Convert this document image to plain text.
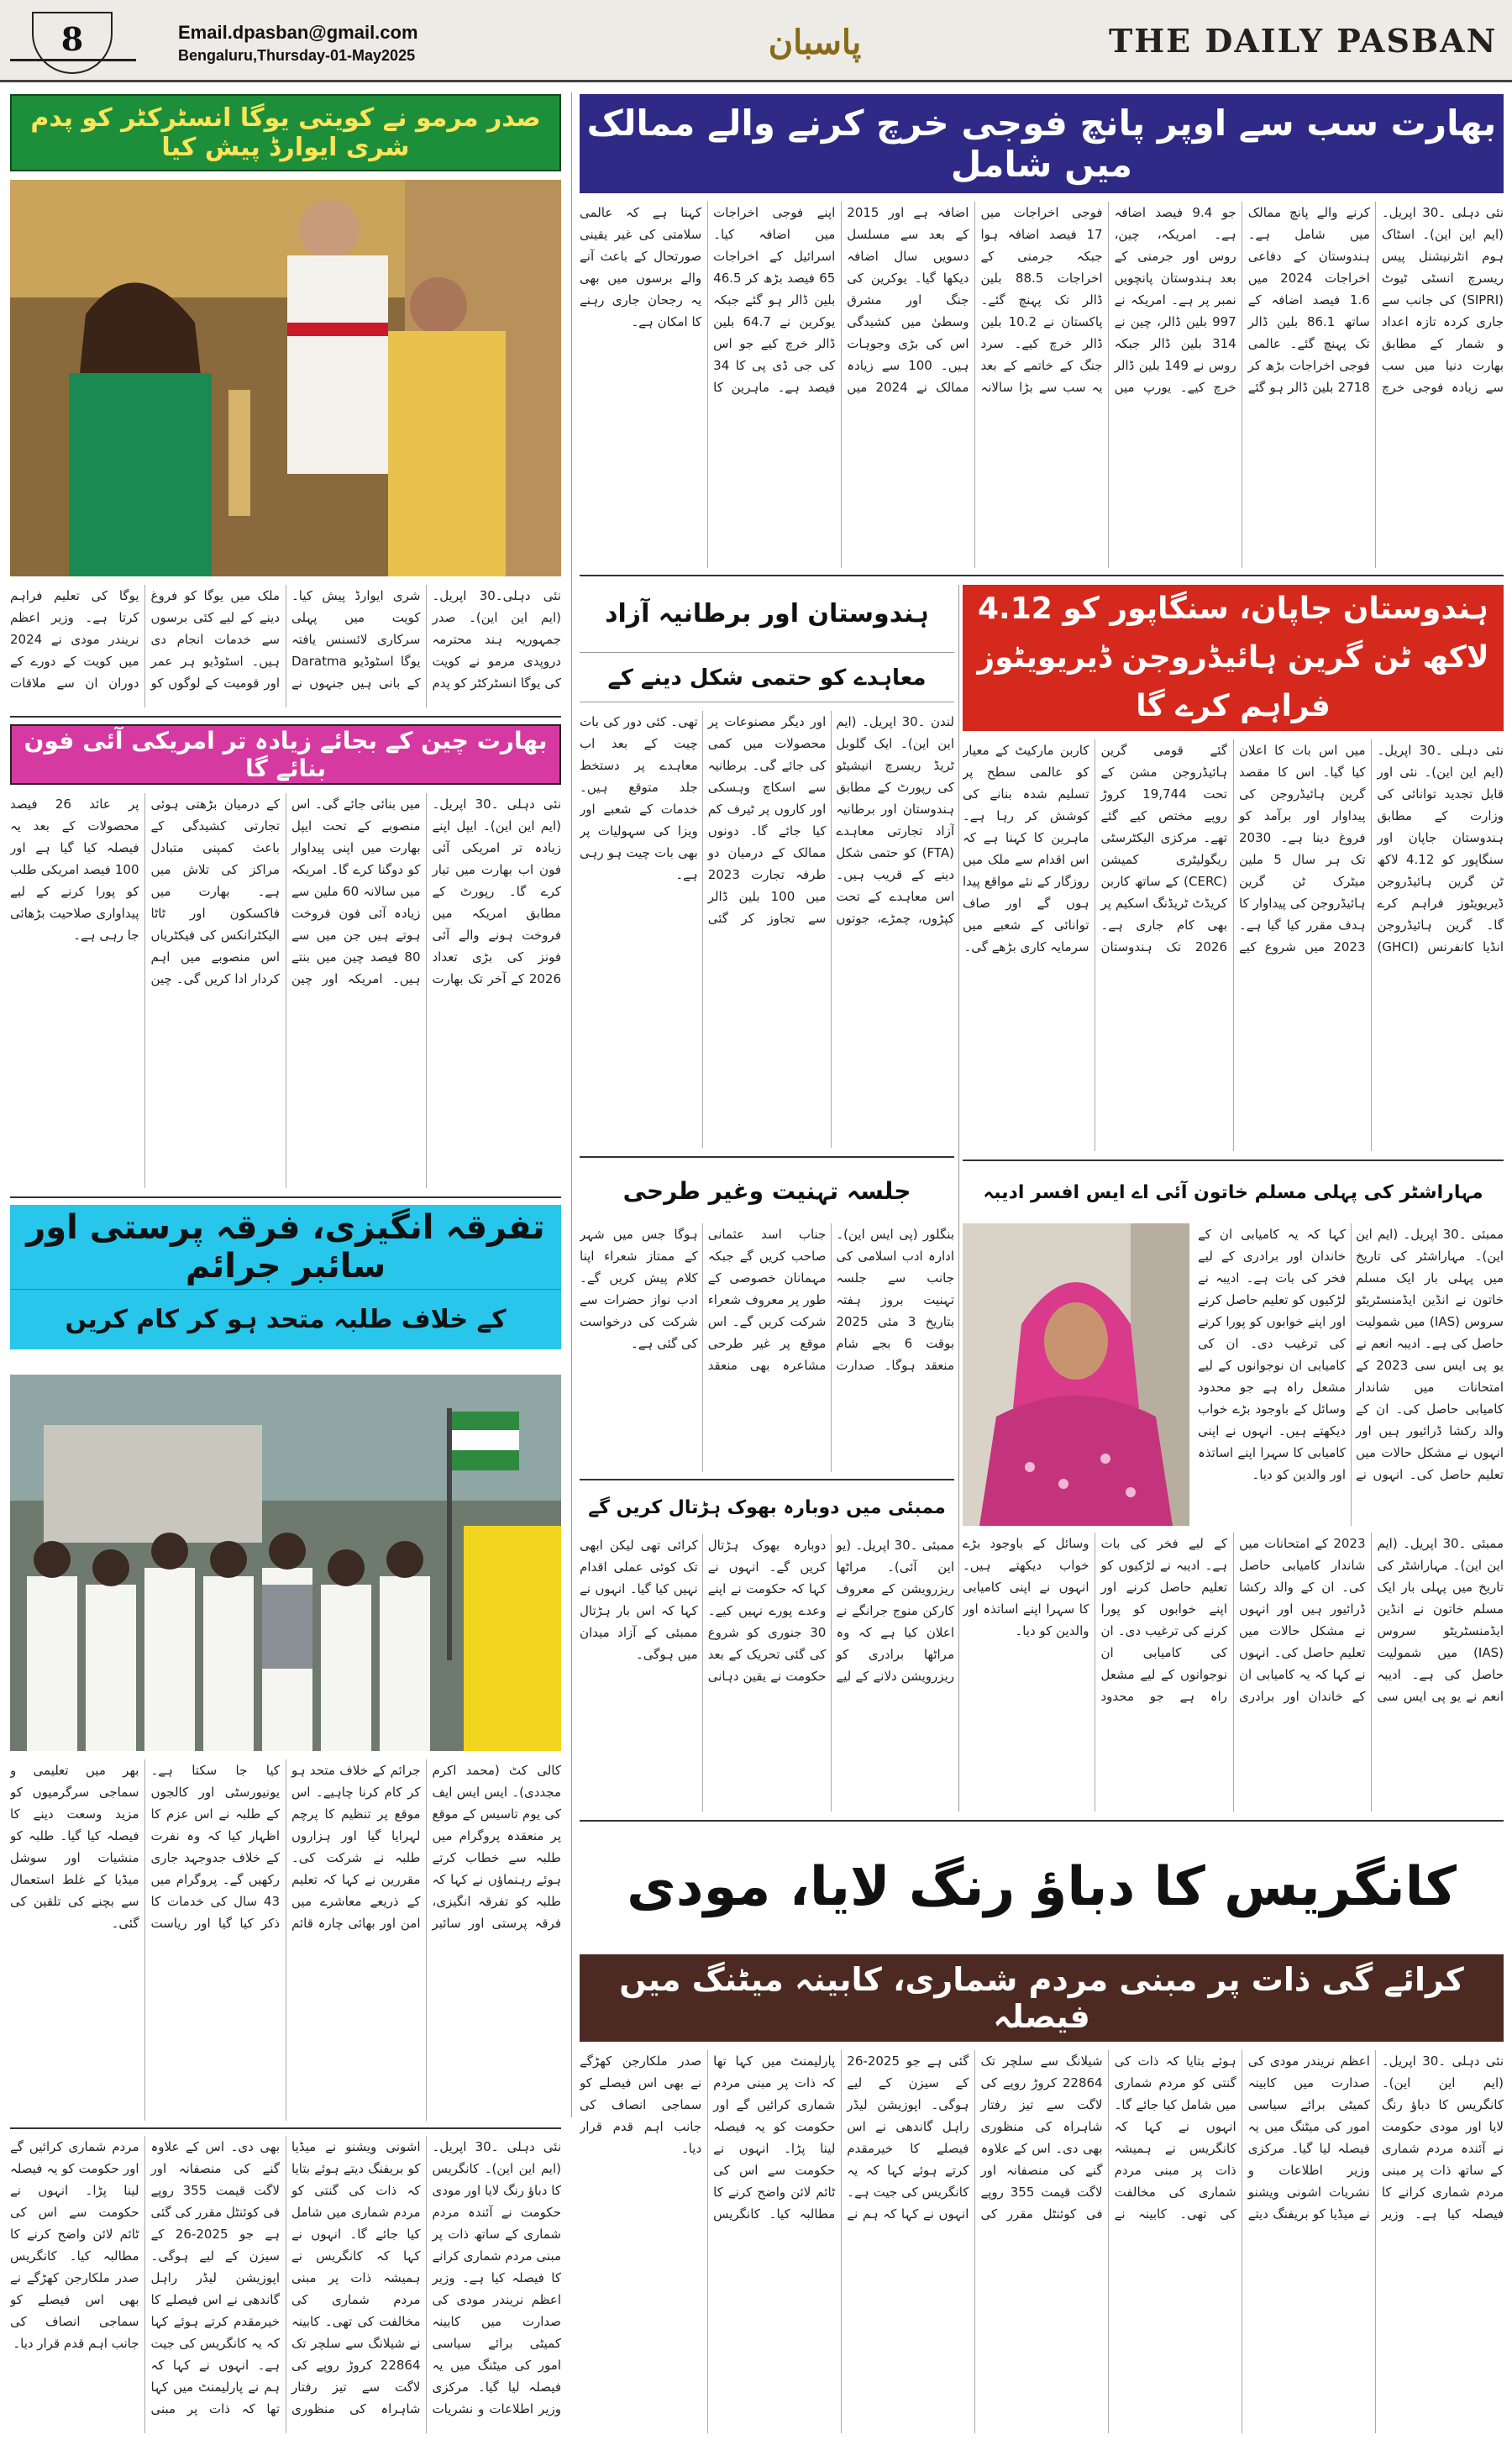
8	Email.dpasban@gmail.com
Bengaluru,Thursday-01-May2025	پاسبان	THE DAILY PASBAN
صدر مرمو نے کویتی یوگا انسٹرکٹر کو پدم شری ایوارڈ پیش کیا
نئی دہلی۔30 اپریل۔ (ایم این این)۔ صدر جمہوریہ ہند محترمہ دروپدی مرمو نے کویت کی یوگا انسٹرکٹر کو پدم شری ایوارڈ پیش کیا۔ کویت میں پہلی سرکاری لائسنس یافتہ یوگا اسٹوڈیو Daratma کے بانی ہیں جنہوں نے ملک میں یوگا کو فروغ دینے کے لیے کئی برسوں سے خدمات انجام دی ہیں۔ اسٹوڈیو ہر عمر اور قومیت کے لوگوں کو یوگا کی تعلیم فراہم کرتا ہے۔ وزیر اعظم نریندر مودی نے 2024 میں کویت کے دورے کے دوران ان سے ملاقات
بھارت چین کے بجائے زیادہ تر امریکی آئی فون بنائے گا
نئی دہلی ۔30 اپریل۔ (ایم این این)۔ ایپل اپنے زیادہ تر امریکی آئی فون اب بھارت میں تیار کرے گا۔ رپورٹ کے مطابق امریکہ میں فروخت ہونے والے آئی فونز کی بڑی تعداد 2026 کے آخر تک بھارت میں بنائی جائے گی۔ اس منصوبے کے تحت ایپل بھارت میں اپنی پیداوار کو دوگنا کرے گا۔ امریکہ میں سالانہ 60 ملین سے زیادہ آئی فون فروخت ہوتے ہیں جن میں سے 80 فیصد چین میں بنتے ہیں۔ امریکہ اور چین کے درمیان بڑھتی ہوئی تجارتی کشیدگی کے باعث کمپنی متبادل مراکز کی تلاش میں ہے۔ بھارت میں فاکسکون اور ٹاٹا الیکٹرانکس کی فیکٹریاں اس منصوبے میں اہم کردار ادا کریں گی۔ چین پر عائد 26 فیصد محصولات کے بعد یہ فیصلہ کیا گیا ہے اور 100 فیصد امریکی طلب کو پورا کرنے کے لیے پیداواری صلاحیت بڑھائی جا رہی ہے۔
تفرقہ انگیزی، فرقہ پرستی اور سائبر جرائم
کے خلاف طلبہ متحد ہو کر کام کریں
کالی کٹ (محمد اکرم مجددی)۔ ایس ایس ایف کی یوم تاسیس کے موقع پر منعقدہ پروگرام میں طلبہ سے خطاب کرتے ہوئے رہنماؤں نے کہا کہ طلبہ کو تفرقہ انگیزی، فرقہ پرستی اور سائبر جرائم کے خلاف متحد ہو کر کام کرنا چاہیے۔ اس موقع پر تنظیم کا پرچم لہرایا گیا اور ہزاروں طلبہ نے شرکت کی۔ مقررین نے کہا کہ تعلیم کے ذریعے معاشرے میں امن اور بھائی چارہ قائم کیا جا سکتا ہے۔ یونیورسٹی اور کالجوں کے طلبہ نے اس عزم کا اظہار کیا کہ وہ نفرت کے خلاف جدوجہد جاری رکھیں گے۔ پروگرام میں 43 سال کی خدمات کا ذکر کیا گیا اور ریاست بھر میں تعلیمی و سماجی سرگرمیوں کو مزید وسعت دینے کا فیصلہ کیا گیا۔ طلبہ کو منشیات اور سوشل میڈیا کے غلط استعمال سے بچنے کی تلقین کی گئی۔
نئی دہلی ۔30 اپریل۔ (ایم این این)۔ کانگریس کا دباؤ رنگ لایا اور مودی حکومت نے آئندہ مردم شماری کے ساتھ ذات پر مبنی مردم شماری کرانے کا فیصلہ کیا ہے۔ وزیر اعظم نریندر مودی کی صدارت میں کابینہ کمیٹی برائے سیاسی امور کی میٹنگ میں یہ فیصلہ لیا گیا۔ مرکزی وزیر اطلاعات و نشریات اشونی ویشنو نے میڈیا کو بریفنگ دیتے ہوئے بتایا کہ ذات کی گنتی کو مردم شماری میں شامل کیا جائے گا۔ انہوں نے کہا کہ کانگریس نے ہمیشہ ذات پر مبنی مردم شماری کی مخالفت کی تھی۔ کابینہ نے شیلانگ سے سلچر تک 22864 کروڑ روپے کی لاگت سے تیز رفتار شاہراہ کی منظوری بھی دی۔ اس کے علاوہ گنے کی منصفانہ اور لاگت قیمت 355 روپے فی کوئنٹل مقرر کی گئی ہے جو 2025-26 کے سیزن کے لیے ہوگی۔ اپوزیشن لیڈر راہل گاندھی نے اس فیصلے کا خیرمقدم کرتے ہوئے کہا کہ یہ کانگریس کی جیت ہے۔ انہوں نے کہا کہ ہم نے پارلیمنٹ میں کہا تھا کہ ذات پر مبنی مردم شماری کرائیں گے اور حکومت کو یہ فیصلہ لینا پڑا۔ انہوں نے حکومت سے اس کی ٹائم لائن واضح کرنے کا مطالبہ کیا۔ کانگریس صدر ملکارجن کھڑگے نے بھی اس فیصلے کو سماجی انصاف کی جانب اہم قدم قرار دیا۔
بھارت سب سے اوپر پانچ فوجی خرچ کرنے والے ممالک میں شامل
نئی دہلی ۔30 اپریل۔ (ایم این این)۔ اسٹاک ہوم انٹرنیشنل پیس ریسرچ انسٹی ٹیوٹ (SIPRI) کی جانب سے جاری کردہ تازہ اعداد و شمار کے مطابق بھارت دنیا میں سب سے زیادہ فوجی خرچ کرنے والے پانچ ممالک میں شامل ہے۔ ہندوستان کے دفاعی اخراجات 2024 میں 1.6 فیصد اضافہ کے ساتھ 86.1 بلین ڈالر تک پہنچ گئے۔ عالمی فوجی اخراجات بڑھ کر 2718 بلین ڈالر ہو گئے جو 9.4 فیصد اضافہ ہے۔ امریکہ، چین، روس اور جرمنی کے بعد ہندوستان پانچویں نمبر پر ہے۔ امریکہ نے 997 بلین ڈالر، چین نے 314 بلین ڈالر جبکہ روس نے 149 بلین ڈالر خرچ کیے۔ یورپ میں فوجی اخراجات میں 17 فیصد اضافہ ہوا جبکہ جرمنی کے اخراجات 88.5 بلین ڈالر تک پہنچ گئے۔ پاکستان نے 10.2 بلین ڈالر خرچ کیے۔ سرد جنگ کے خاتمے کے بعد یہ سب سے بڑا سالانہ اضافہ ہے اور 2015 کے بعد سے مسلسل دسویں سال اضافہ دیکھا گیا۔ یوکرین کی جنگ اور مشرق وسطیٰ میں کشیدگی اس کی بڑی وجوہات ہیں۔ 100 سے زیادہ ممالک نے 2024 میں اپنے فوجی اخراجات میں اضافہ کیا۔ اسرائیل کے اخراجات 65 فیصد بڑھ کر 46.5 بلین ڈالر ہو گئے جبکہ یوکرین نے 64.7 بلین ڈالر خرچ کیے جو اس کی جی ڈی پی کا 34 فیصد ہے۔ ماہرین کا کہنا ہے کہ عالمی سلامتی کی غیر یقینی صورتحال کے باعث آنے والے برسوں میں بھی یہ رجحان جاری رہنے کا امکان ہے۔
ہندوستان اور برطانیہ آزاد
معاہدے کو حتمی شکل دینے کے
لندن ۔30 اپریل۔ (ایم این این)۔ ایک گلوبل ٹریڈ ریسرچ انیشیٹو کی رپورٹ کے مطابق ہندوستان اور برطانیہ آزاد تجارتی معاہدے (FTA) کو حتمی شکل دینے کے قریب ہیں۔ اس معاہدے کے تحت کپڑوں، چمڑے، جوتوں اور دیگر مصنوعات پر محصولات میں کمی کی جائے گی۔ برطانیہ سے اسکاچ وہسکی اور کاروں پر ٹیرف کم کیا جائے گا۔ دونوں ممالک کے درمیان دو طرفہ تجارت 2023 میں 100 بلین ڈالر سے تجاوز کر گئی تھی۔ کئی دور کی بات چیت کے بعد اب معاہدے پر دستخط جلد متوقع ہیں۔ خدمات کے شعبے اور ویزا کی سہولیات پر بھی بات چیت ہو رہی ہے۔
ہندوستان جاپان، سنگاپور کو 4.12 لاکھ ٹن گرین ہائیڈروجن ڈیریویٹوز فراہم کرے گا
نئی دہلی ۔30 اپریل۔ (ایم این این)۔ نئی اور قابل تجدید توانائی کی وزارت کے مطابق ہندوستان جاپان اور سنگاپور کو 4.12 لاکھ ٹن گرین ہائیڈروجن ڈیریویٹوز فراہم کرے گا۔ گرین ہائیڈروجن انڈیا کانفرنس (GHCI) میں اس بات کا اعلان کیا گیا۔ اس کا مقصد گرین ہائیڈروجن کی پیداوار اور برآمد کو فروغ دینا ہے۔ 2030 تک ہر سال 5 ملین میٹرک ٹن گرین ہائیڈروجن کی پیداوار کا ہدف مقرر کیا گیا ہے۔ 2023 میں شروع کیے گئے قومی گرین ہائیڈروجن مشن کے تحت 19,744 کروڑ روپے مختص کیے گئے تھے۔ مرکزی الیکٹرسٹی ریگولیٹری کمیشن (CERC) کے ساتھ کاربن کریڈٹ ٹریڈنگ اسکیم پر بھی کام جاری ہے۔ 2026 تک ہندوستان کاربن مارکیٹ کے معیار کو عالمی سطح پر تسلیم شدہ بنانے کی کوشش کر رہا ہے۔ ماہرین کا کہنا ہے کہ اس اقدام سے ملک میں روزگار کے نئے مواقع پیدا ہوں گے اور صاف توانائی کے شعبے میں سرمایہ کاری بڑھے گی۔
جلسہ تہنیت وغیر طرحی
بنگلور (پی ایس این)۔ ادارہ ادب اسلامی کی جانب سے جلسہ تہنیت بروز ہفتہ بتاریخ 3 مئی 2025 بوقت 6 بجے شام منعقد ہوگا۔ صدارت جناب اسد عثمانی صاحب کریں گے جبکہ مہمانان خصوصی کے طور پر معروف شعراء شرکت کریں گے۔ اس موقع پر غیر طرحی مشاعرہ بھی منعقد ہوگا جس میں شہر کے ممتاز شعراء اپنا کلام پیش کریں گے۔ ادب نواز حضرات سے شرکت کی درخواست کی گئی ہے۔
ممبئی میں دوبارہ بھوک ہڑتال کریں گے
ممبئی ۔30 اپریل۔ (یو این آئی)۔ مراٹھا ریزرویشن کے معروف کارکن منوج جرانگے نے اعلان کیا ہے کہ وہ مراٹھا برادری کو ریزرویشن دلانے کے لیے دوبارہ بھوک ہڑتال کریں گے۔ انہوں نے کہا کہ حکومت نے اپنے وعدے پورے نہیں کیے۔ 30 جنوری کو شروع کی گئی تحریک کے بعد حکومت نے یقین دہانی کرائی تھی لیکن ابھی تک کوئی عملی اقدام نہیں کیا گیا۔ انہوں نے کہا کہ اس بار ہڑتال ممبئی کے آزاد میدان میں ہوگی۔
مہاراشٹر کی پہلی مسلم خاتون آئی اے ایس افسر ادیبہ
ممبئی ۔30 اپریل۔ (ایم این این)۔ مہاراشٹر کی تاریخ میں پہلی بار ایک مسلم خاتون نے انڈین ایڈمنسٹریٹو سروس (IAS) میں شمولیت حاصل کی ہے۔ ادیبہ انعم نے یو پی ایس سی 2023 کے امتحانات میں شاندار کامیابی حاصل کی۔ ان کے والد رکشا ڈرائیور ہیں اور انہوں نے مشکل حالات میں تعلیم حاصل کی۔ انہوں نے کہا کہ یہ کامیابی ان کے خاندان اور برادری کے لیے فخر کی بات ہے۔ ادیبہ نے لڑکیوں کو تعلیم حاصل کرنے اور اپنے خوابوں کو پورا کرنے کی ترغیب دی۔ ان کی کامیابی ان نوجوانوں کے لیے مشعل راہ ہے جو محدود وسائل کے باوجود بڑے خواب دیکھتے ہیں۔ انہوں نے اپنی کامیابی کا سہرا اپنے اساتذہ اور والدین کو دیا۔
ممبئی ۔30 اپریل۔ (ایم این این)۔ مہاراشٹر کی تاریخ میں پہلی بار ایک مسلم خاتون نے انڈین ایڈمنسٹریٹو سروس (IAS) میں شمولیت حاصل کی ہے۔ ادیبہ انعم نے یو پی ایس سی 2023 کے امتحانات میں شاندار کامیابی حاصل کی۔ ان کے والد رکشا ڈرائیور ہیں اور انہوں نے مشکل حالات میں تعلیم حاصل کی۔ انہوں نے کہا کہ یہ کامیابی ان کے خاندان اور برادری کے لیے فخر کی بات ہے۔ ادیبہ نے لڑکیوں کو تعلیم حاصل کرنے اور اپنے خوابوں کو پورا کرنے کی ترغیب دی۔ ان کی کامیابی ان نوجوانوں کے لیے مشعل راہ ہے جو محدود وسائل کے باوجود بڑے خواب دیکھتے ہیں۔ انہوں نے اپنی کامیابی کا سہرا اپنے اساتذہ اور والدین کو دیا۔
کانگریس کا دباؤ رنگ لایا، مودی
کرائے گی ذات پر مبنی مردم شماری، کابینہ میٹنگ میں فیصلہ
نئی دہلی ۔30 اپریل۔ (ایم این این)۔ کانگریس کا دباؤ رنگ لایا اور مودی حکومت نے آئندہ مردم شماری کے ساتھ ذات پر مبنی مردم شماری کرانے کا فیصلہ کیا ہے۔ وزیر اعظم نریندر مودی کی صدارت میں کابینہ کمیٹی برائے سیاسی امور کی میٹنگ میں یہ فیصلہ لیا گیا۔ مرکزی وزیر اطلاعات و نشریات اشونی ویشنو نے میڈیا کو بریفنگ دیتے ہوئے بتایا کہ ذات کی گنتی کو مردم شماری میں شامل کیا جائے گا۔ انہوں نے کہا کہ کانگریس نے ہمیشہ ذات پر مبنی مردم شماری کی مخالفت کی تھی۔ کابینہ نے شیلانگ سے سلچر تک 22864 کروڑ روپے کی لاگت سے تیز رفتار شاہراہ کی منظوری بھی دی۔ اس کے علاوہ گنے کی منصفانہ اور لاگت قیمت 355 روپے فی کوئنٹل مقرر کی گئی ہے جو 2025-26 کے سیزن کے لیے ہوگی۔ اپوزیشن لیڈر راہل گاندھی نے اس فیصلے کا خیرمقدم کرتے ہوئے کہا کہ یہ کانگریس کی جیت ہے۔ انہوں نے کہا کہ ہم نے پارلیمنٹ میں کہا تھا کہ ذات پر مبنی مردم شماری کرائیں گے اور حکومت کو یہ فیصلہ لینا پڑا۔ انہوں نے حکومت سے اس کی ٹائم لائن واضح کرنے کا مطالبہ کیا۔ کانگریس صدر ملکارجن کھڑگے نے بھی اس فیصلے کو سماجی انصاف کی جانب اہم قدم قرار دیا۔
